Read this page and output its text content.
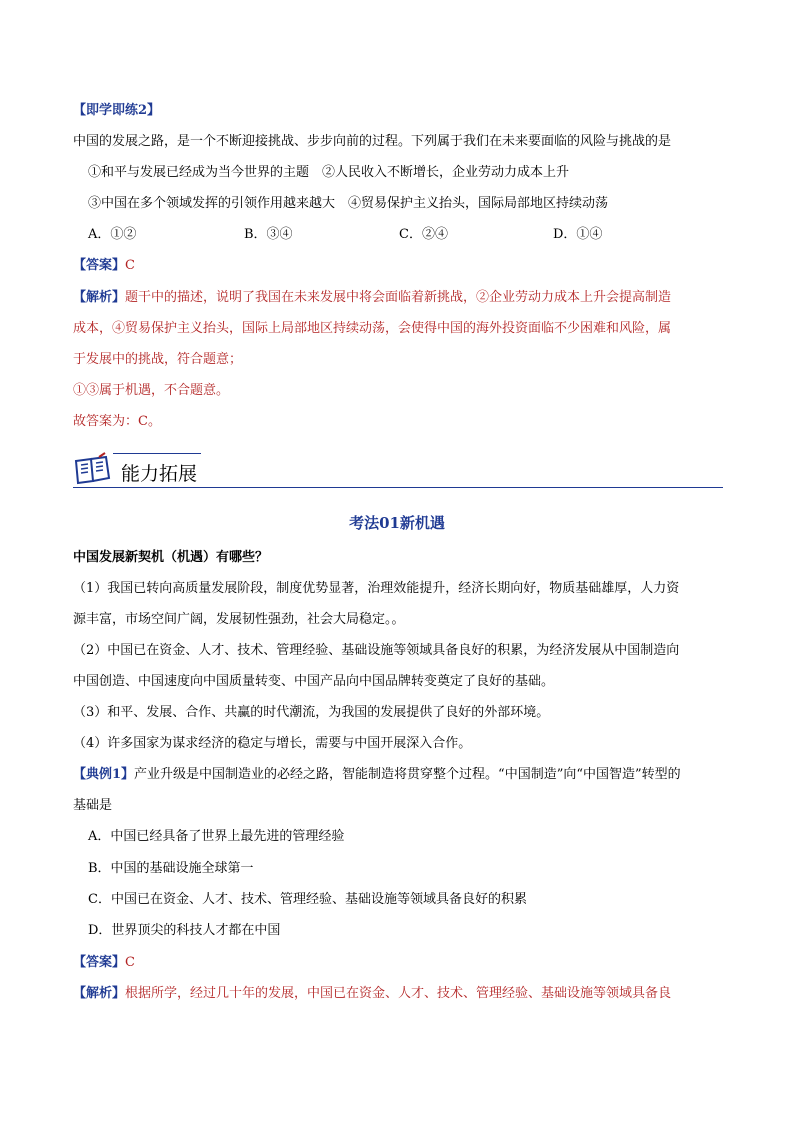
【即学即练2】
中国的发展之路，是一个不断迎接挑战、步步向前的过程。下列属于我们在未来要面临的风险与挑战的是
①和平与发展已经成为当今世界的主题　②人民收入不断增长，企业劳动力成本上升
③中国在多个领域发挥的引领作用越来越大　④贸易保护主义抬头，国际局部地区持续动荡
A．①②	B．③④	C．②④	D．①④
【答案】C
【解析】题干中的描述，说明了我国在未来发展中将会面临着新挑战，②企业劳动力成本上升会提高制造
成本，④贸易保护主义抬头，国际上局部地区持续动荡，会使得中国的海外投资面临不少困难和风险，属
于发展中的挑战，符合题意；
①③属于机遇，不合题意。
故答案为：C。
能力拓展
考法01新机遇
中国发展新契机（机遇）有哪些？
（1）我国已转向高质量发展阶段，制度优势显著，治理效能提升，经济长期向好，物质基础雄厚，人力资
源丰富，市场空间广阔，发展韧性强劲，社会大局稳定。。
（2）中国已在资金、人才、技术、管理经验、基础设施等领域具备良好的积累，为经济发展从中国制造向
中国创造、中国速度向中国质量转变、中国产品向中国品牌转变奠定了良好的基础。
（3）和平、发展、合作、共赢的时代潮流，为我国的发展提供了良好的外部环境。
（4）许多国家为谋求经济的稳定与增长，需要与中国开展深入合作。
【典例1】产业升级是中国制造业的必经之路，智能制造将贯穿整个过程。“中国制造”向“中国智造”转型的
基础是
A．中国已经具备了世界上最先进的管理经验
B．中国的基础设施全球第一
C．中国已在资金、人才、技术、管理经验、基础设施等领域具备良好的积累
D．世界顶尖的科技人才都在中国
【答案】C
【解析】根据所学，经过几十年的发展，中国已在资金、人才、技术、管理经验、基础设施等领域具备良
